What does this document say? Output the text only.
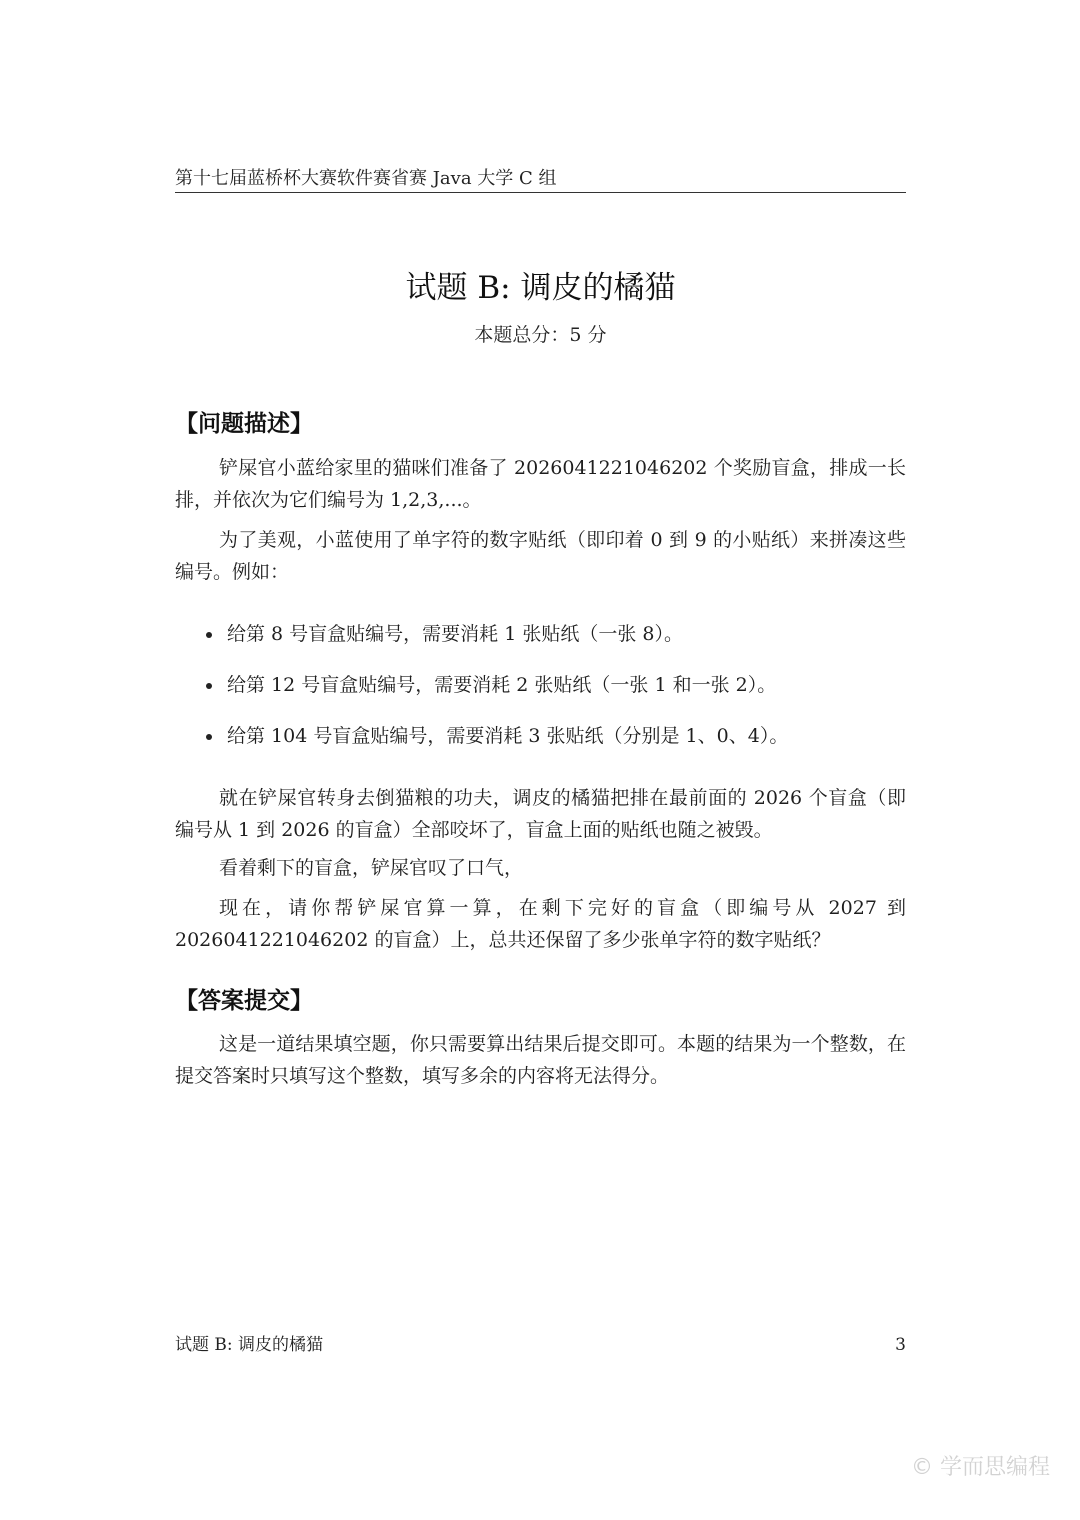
第十七届蓝桥杯大赛软件赛省赛 Java 大学 C 组
试题 B: 调皮的橘猫
本题总分：5 分
【问题描述】

铲屎官小蓝给家里的猫咪们准备了 2026041221046202 个奖励盲盒，排成一长排，并依次为它们编号为 1,2,3,...。

为了美观，小蓝使用了单字符的数字贴纸（即印着 0 到 9 的小贴纸）来拼凑这些编号。例如：

给第 8 号盲盒贴编号，需要消耗 1 张贴纸（一张 8）。
给第 12 号盲盒贴编号，需要消耗 2 张贴纸（一张 1 和一张 2）。
给第 104 号盲盒贴编号，需要消耗 3 张贴纸（分别是 1、0、4）。

就在铲屎官转身去倒猫粮的功夫，调皮的橘猫把排在最前面的 2026 个盲盒（即编号从 1 到 2026 的盲盒）全部咬坏了，盲盒上面的贴纸也随之被毁。

看着剩下的盲盒，铲屎官叹了口气，

现在，请你帮铲屎官算一算，在剩下完好的盲盒（即编号从 2027 到 2026041221046202 的盲盒）上，总共还保留了多少张单字符的数字贴纸？

【答案提交】

这是一道结果填空题，你只需要算出结果后提交即可。本题的结果为一个整数，在提交答案时只填写这个整数，填写多余的内容将无法得分。

试题 B: 调皮的橘猫	3
© 学而思编程
